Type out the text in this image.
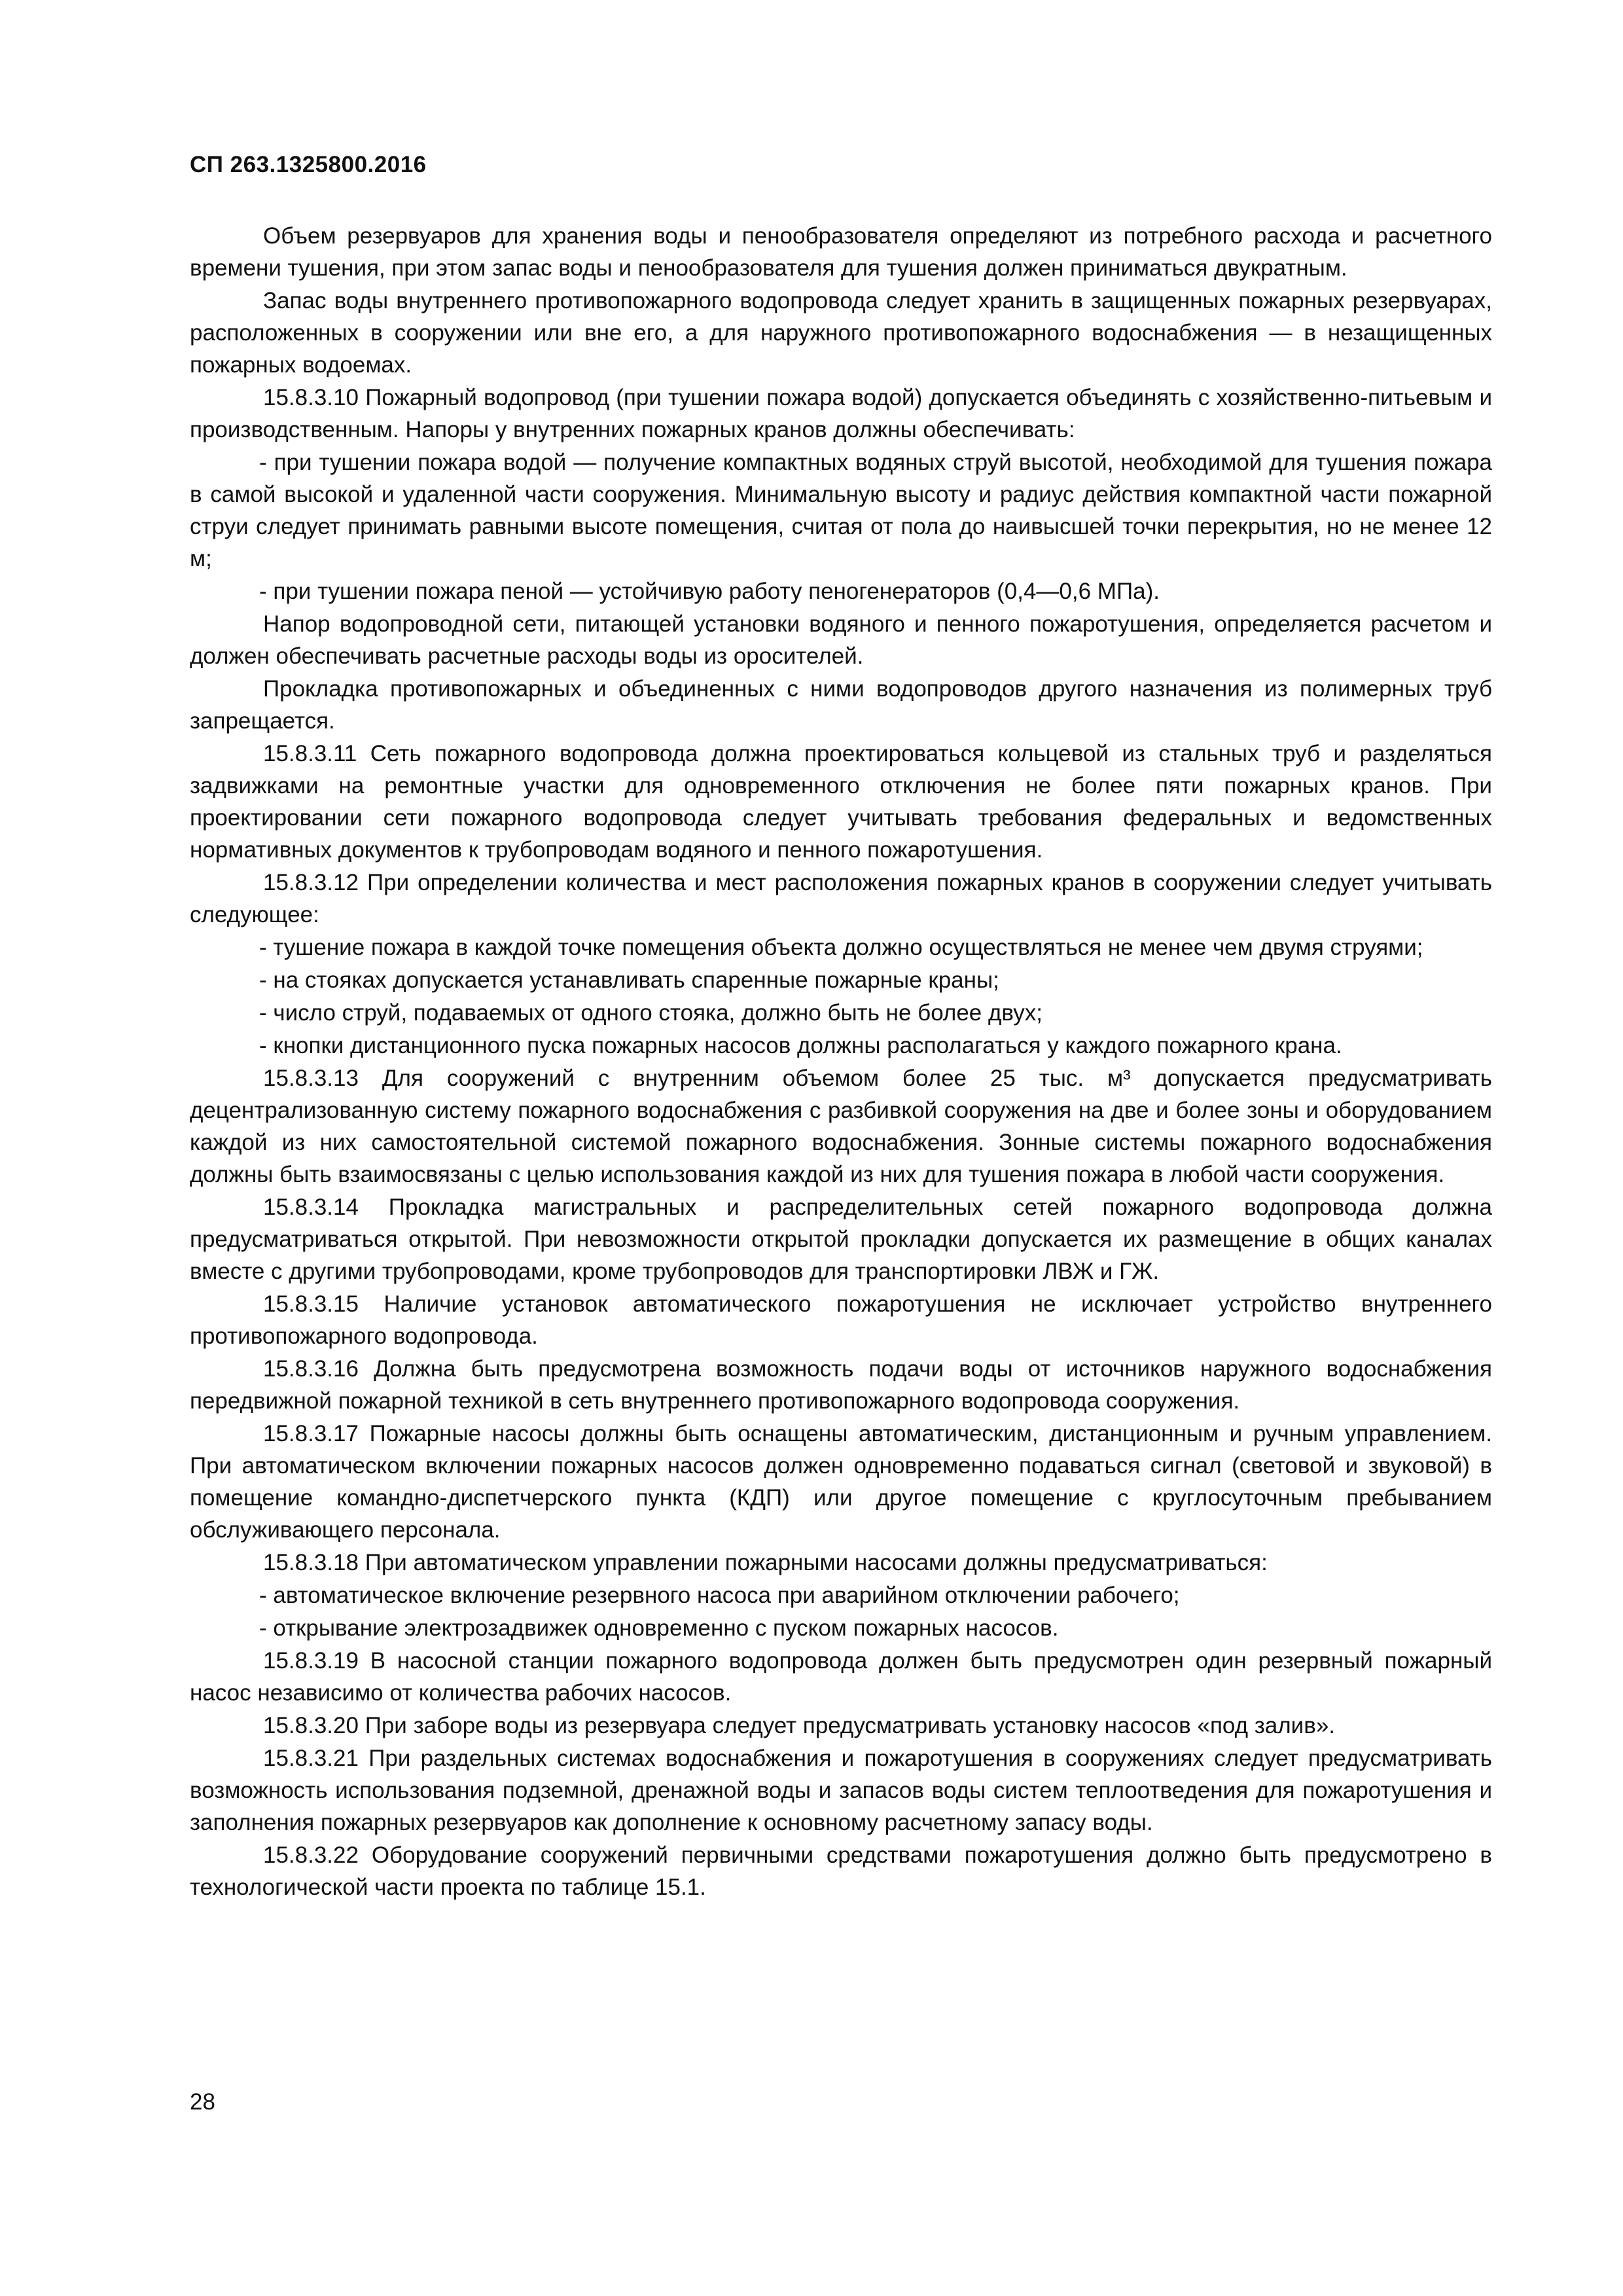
СП 263.1325800.2016

Объем резервуаров для хранения воды и пенообразователя определяют из потребного расхода и расчетного времени тушения, при этом запас воды и пенообразователя для тушения должен приниматься двукратным.

Запас воды внутреннего противопожарного водопровода следует хранить в защищенных пожарных резервуарах, расположенных в сооружении или вне его, а для наружного противопожарного водоснабжения — в незащищенных пожарных водоемах.

15.8.3.10 Пожарный водопровод (при тушении пожара водой) допускается объединять с хозяйственно-питьевым и производственным. Напоры у внутренних пожарных кранов должны обеспечивать:

- при тушении пожара водой — получение компактных водяных струй высотой, необходимой для тушения пожара в самой высокой и удаленной части сооружения. Минимальную высоту и радиус действия компактной части пожарной струи следует принимать равными высоте помещения, считая от пола до наивысшей точки перекрытия, но не менее 12 м;

- при тушении пожара пеной — устойчивую работу пеногенераторов (0,4—0,6 МПа).

Напор водопроводной сети, питающей установки водяного и пенного пожаротушения, определяется расчетом и должен обеспечивать расчетные расходы воды из оросителей.

Прокладка противопожарных и объединенных с ними водопроводов другого назначения из полимерных труб запрещается.

15.8.3.11 Сеть пожарного водопровода должна проектироваться кольцевой из стальных труб и разделяться задвижками на ремонтные участки для одновременного отключения не более пяти пожарных кранов. При проектировании сети пожарного водопровода следует учитывать требования федеральных и ведомственных нормативных документов к трубопроводам водяного и пенного пожаротушения.

15.8.3.12 При определении количества и мест расположения пожарных кранов в сооружении следует учитывать следующее:

- тушение пожара в каждой точке помещения объекта должно осуществляться не менее чем двумя струями;

- на стояках допускается устанавливать спаренные пожарные краны;

- число струй, подаваемых от одного стояка, должно быть не более двух;

- кнопки дистанционного пуска пожарных насосов должны располагаться у каждого пожарного крана.

15.8.3.13 Для сооружений с внутренним объемом более 25 тыс. м³ допускается предусматривать децентрализованную систему пожарного водоснабжения с разбивкой сооружения на две и более зоны и оборудованием каждой из них самостоятельной системой пожарного водоснабжения. Зонные системы пожарного водоснабжения должны быть взаимосвязаны с целью использования каждой из них для тушения пожара в любой части сооружения.

15.8.3.14 Прокладка магистральных и распределительных сетей пожарного водопровода должна предусматриваться открытой. При невозможности открытой прокладки допускается их размещение в общих каналах вместе с другими трубопроводами, кроме трубопроводов для транспортировки ЛВЖ и ГЖ.

15.8.3.15 Наличие установок автоматического пожаротушения не исключает устройство внутреннего противопожарного водопровода.

15.8.3.16 Должна быть предусмотрена возможность подачи воды от источников наружного водоснабжения передвижной пожарной техникой в сеть внутреннего противопожарного водопровода сооружения.

15.8.3.17 Пожарные насосы должны быть оснащены автоматическим, дистанционным и ручным управлением. При автоматическом включении пожарных насосов должен одновременно подаваться сигнал (световой и звуковой) в помещение командно-диспетчерского пункта (КДП) или другое помещение с круглосуточным пребыванием обслуживающего персонала.

15.8.3.18 При автоматическом управлении пожарными насосами должны предусматриваться:

- автоматическое включение резервного насоса при аварийном отключении рабочего;

- открывание электрозадвижек одновременно с пуском пожарных насосов.

15.8.3.19 В насосной станции пожарного водопровода должен быть предусмотрен один резервный пожарный насос независимо от количества рабочих насосов.

15.8.3.20 При заборе воды из резервуара следует предусматривать установку насосов «под залив».

15.8.3.21 При раздельных системах водоснабжения и пожаротушения в сооружениях следует предусматривать возможность использования подземной, дренажной воды и запасов воды систем теплоотведения для пожаротушения и заполнения пожарных резервуаров как дополнение к основному расчетному запасу воды.

15.8.3.22 Оборудование сооружений первичными средствами пожаротушения должно быть предусмотрено в технологической части проекта по таблице 15.1.

28
